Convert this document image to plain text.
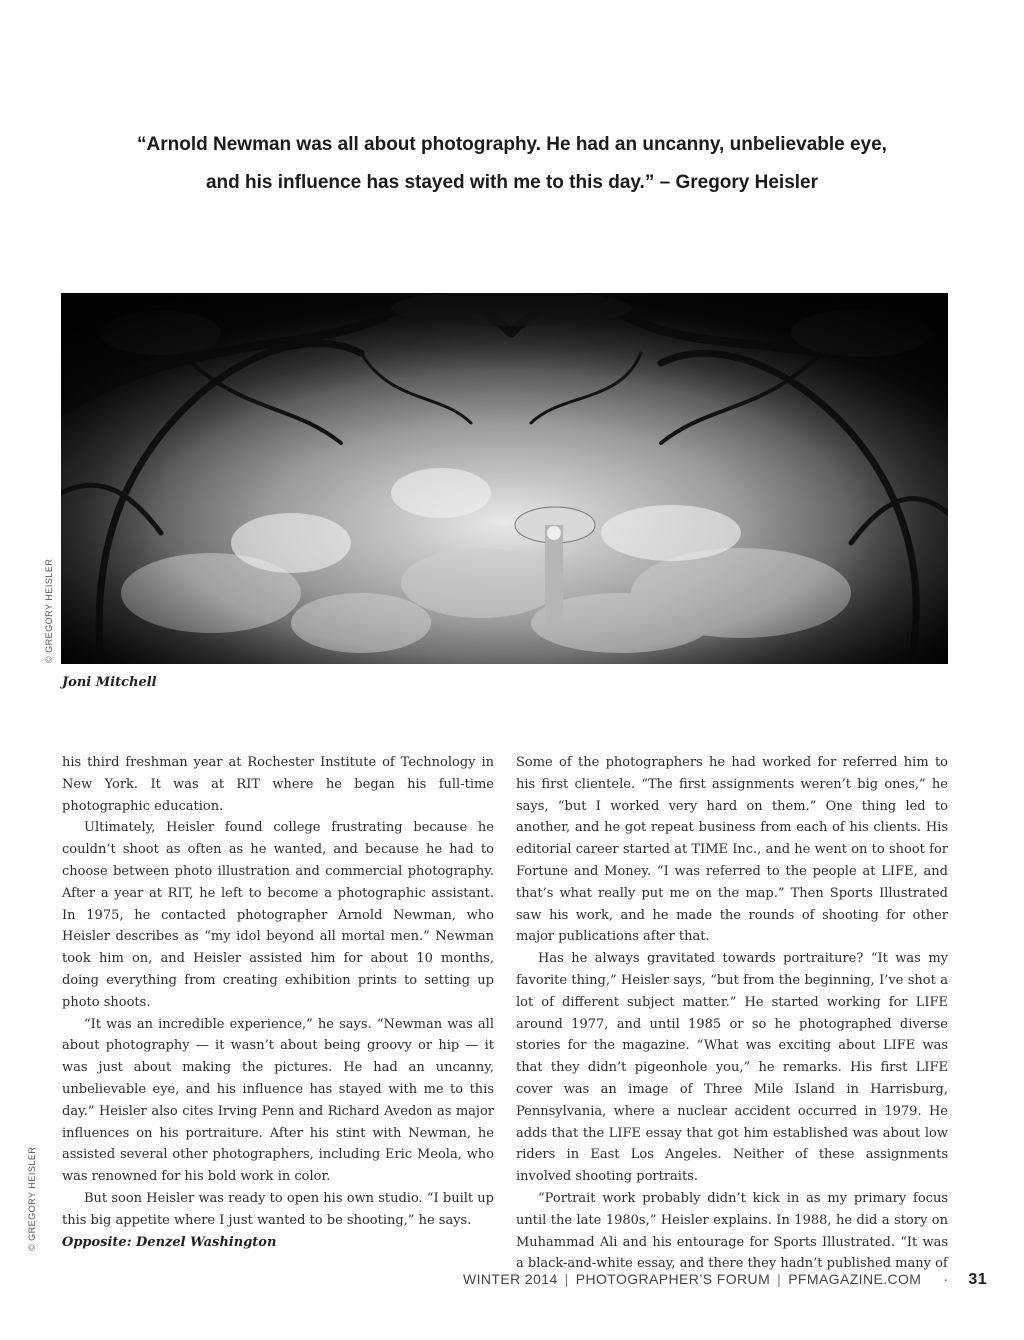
“Arnold Newman was all about photography. He had an uncanny, unbelievable eye,
and his influence has stayed with me to this day.” – Gregory Heisler
© GREGORY HEISLER
Joni Mitchell

his third freshman year at Rochester Institute of Technology in New York. It was at RIT where he began his full-time photographic education.

Ultimately, Heisler found college frustrating because he couldn’t shoot as often as he wanted, and because he had to choose between photo illustration and commercial photography. After a year at RIT, he left to become a photographic assistant. In 1975, he contacted photographer Arnold Newman, who Heisler describes as “my idol beyond all mortal men.” Newman took him on, and Heisler assisted him for about 10 months, doing everything from creating exhibition prints to setting up photo shoots.

“It was an incredible experience,” he says. “Newman was all about photography — it wasn’t about being groovy or hip — it was just about making the pictures. He had an uncanny, unbelievable eye, and his influence has stayed with me to this day.” Heisler also cites Irving Penn and Richard Avedon as major influences on his portraiture. After his stint with Newman, he assisted several other photographers, including Eric Meola, who was renowned for his bold work in color.

But soon Heisler was ready to open his own studio. “I built up this big appetite where I just wanted to be shooting,” he says.

Some of the photographers he had worked for referred him to his first clientele. “The first assignments weren’t big ones,” he says, “but I worked very hard on them.” One thing led to another, and he got repeat business from each of his clients. His editorial career started at TIME Inc., and he went on to shoot for Fortune and Money. “I was referred to the people at LIFE, and that’s what really put me on the map.” Then Sports Illustrated saw his work, and he made the rounds of shooting for other major publications after that.

Has he always gravitated towards portraiture? “It was my favorite thing,” Heisler says, “but from the beginning, I’ve shot a lot of different subject matter.” He started working for LIFE around 1977, and until 1985 or so he photographed diverse stories for the magazine. “What was exciting about LIFE was that they didn’t pigeonhole you,” he remarks. His first LIFE cover was an image of Three Mile Island in Harrisburg, Pennsylvania, where a nuclear accident occurred in 1979. He adds that the LIFE essay that got him established was about low riders in East Los Angeles. Neither of these assignments involved shooting portraits.

“Portrait work probably didn’t kick in as my primary focus until the late 1980s,” Heisler explains. In 1988, he did a story on Muhammad Ali and his entourage for Sports Illustrated. “It was a black-and-white essay, and there they hadn’t published many of

Opposite: Denzel Washington
© GREGORY HEISLER
WINTER 2014 | PHOTOGRAPHER’S FORUM | PFMAGAZINE.COM · 31
